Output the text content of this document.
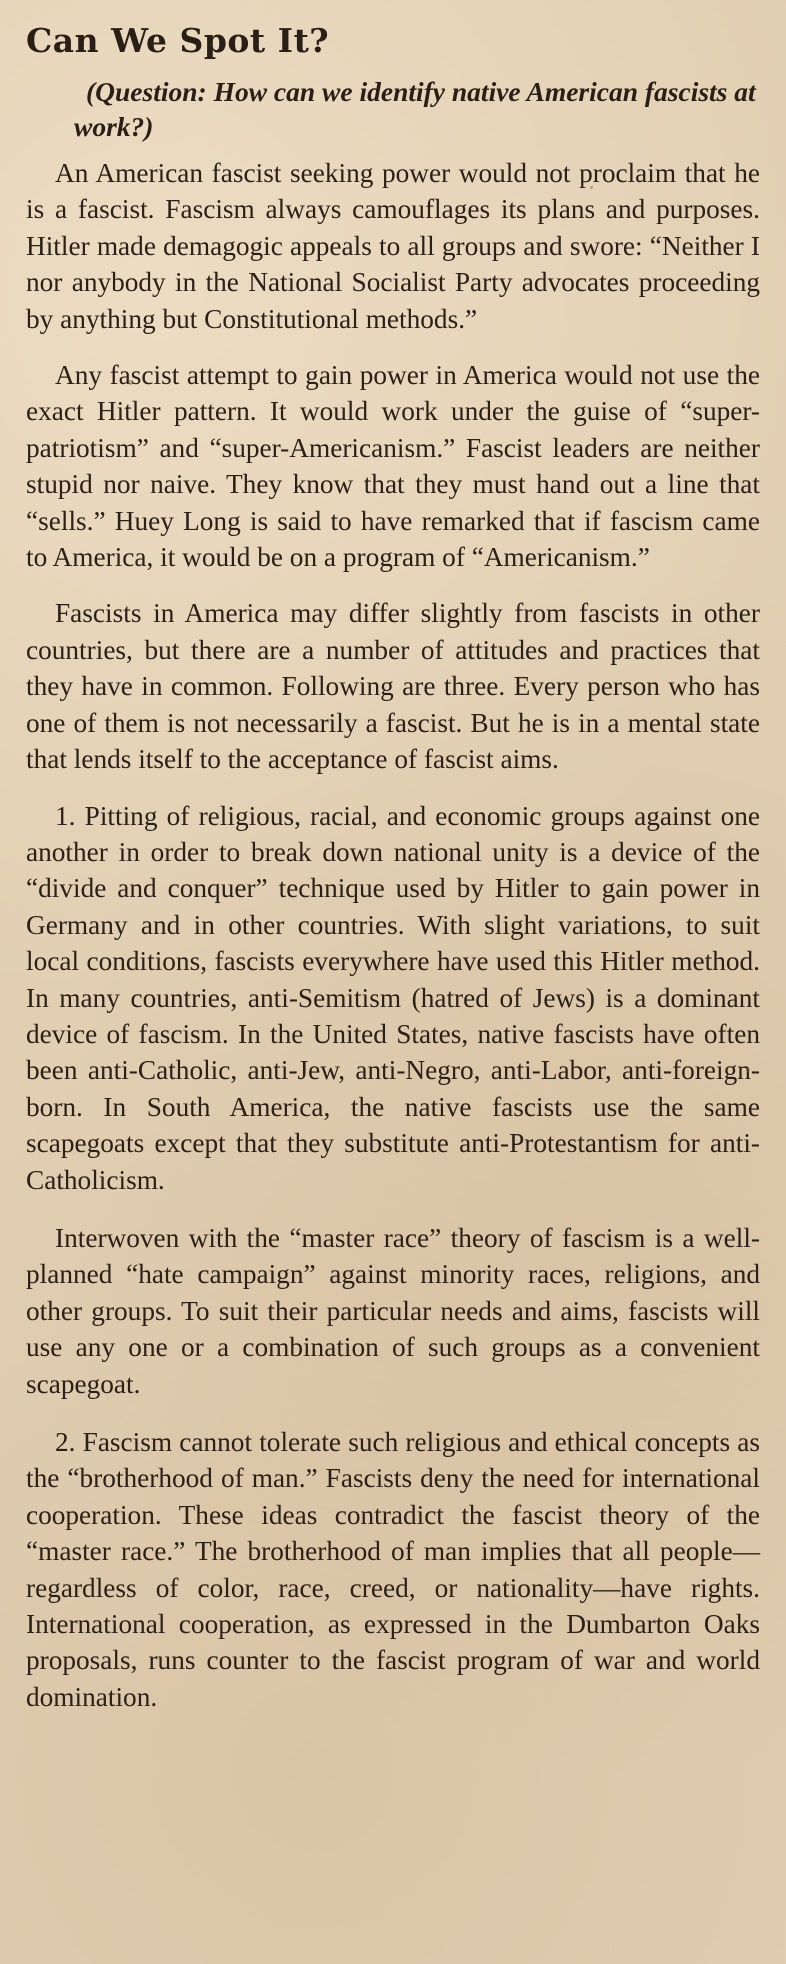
Can We Spot It?

(Question: How can we identify native American fascists at work?)

An American fascist seeking power would not proclaim that he is a fascist. Fascism always camouflages its plans and purposes. Hitler made demagogic appeals to all groups and swore: “Neither I nor anybody in the National Socialist Party advocates proceeding by anything but Constitutional methods.”

Any fascist attempt to gain power in America would not use the exact Hitler pattern. It would work under the guise of “super-patriotism” and “super-Americanism.” Fascist leaders are neither stupid nor naive. They know that they must hand out a line that “sells.” Huey Long is said to have remarked that if fascism came to America, it would be on a program of “Americanism.”

Fascists in America may differ slightly from fascists in other countries, but there are a number of attitudes and practices that they have in common. Following are three. Every person who has one of them is not necessarily a fascist. But he is in a mental state that lends itself to the acceptance of fascist aims.

1. Pitting of religious, racial, and economic groups against one another in order to break down national unity is a device of the “divide and conquer” technique used by Hitler to gain power in Germany and in other countries. With slight variations, to suit local conditions, fascists everywhere have used this Hitler method. In many countries, anti-Semitism (hatred of Jews) is a dominant device of fascism. In the United States, native fascists have often been anti-Catholic, anti-Jew, anti-Negro, anti-Labor, anti-foreign-born. In South America, the native fascists use the same scapegoats except that they substitute anti-Protestantism for anti-Catholicism.

Interwoven with the “master race” theory of fascism is a well-planned “hate campaign” against minority races, religions, and other groups. To suit their particular needs and aims, fascists will use any one or a combination of such groups as a convenient scapegoat.

2. Fascism cannot tolerate such religious and ethical concepts as the “brotherhood of man.” Fascists deny the need for international cooperation. These ideas contradict the fascist theory of the “master race.” The brotherhood of man implies that all people—regardless of color, race, creed, or nationality—have rights. International cooperation, as expressed in the Dumbarton Oaks proposals, runs counter to the fascist program of war and world domination.
